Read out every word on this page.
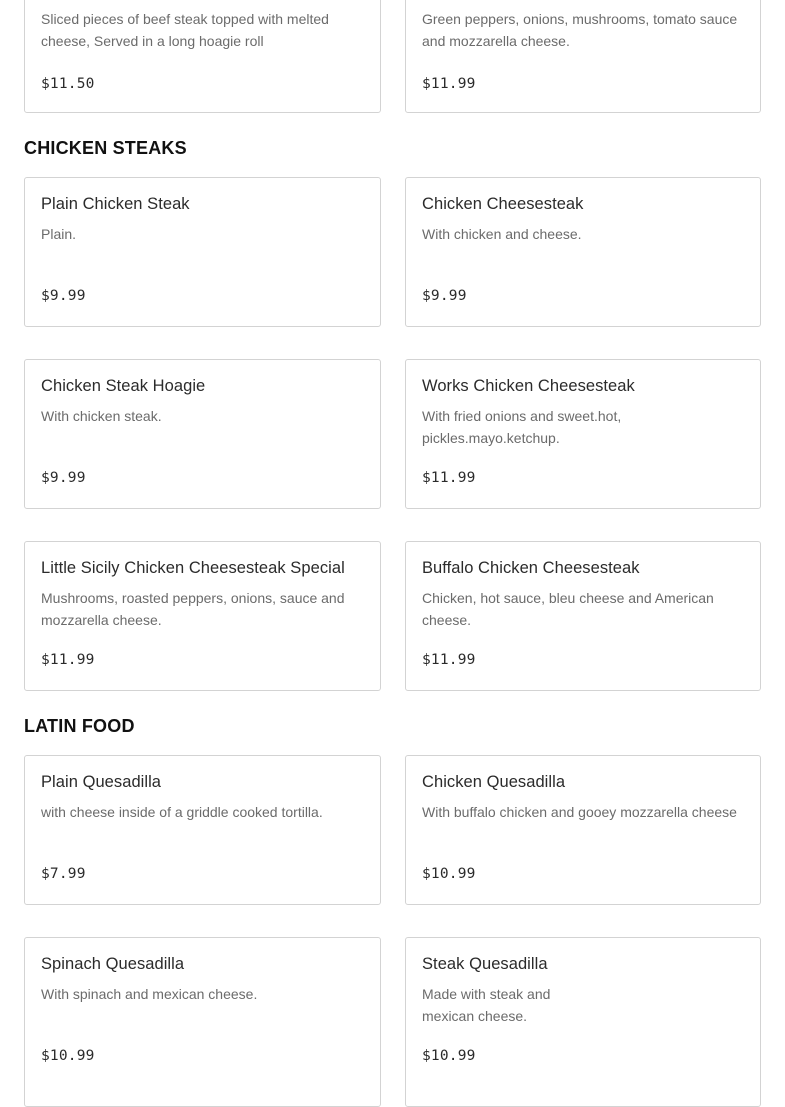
Sliced pieces of beef steak topped with melted cheese, Served in a long hoagie roll
$11.50
Green peppers, onions, mushrooms, tomato sauce and mozzarella cheese.
$11.99
CHICKEN STEAKS
Plain Chicken Steak
Plain.
$9.99
Chicken Cheesesteak
With chicken and cheese.
$9.99
Chicken Steak Hoagie
With chicken steak.
$9.99
Works Chicken Cheesesteak
With fried onions and sweet.hot, pickles.mayo.ketchup.
$11.99
Little Sicily Chicken Cheesesteak Special
Mushrooms, roasted peppers, onions, sauce and mozzarella cheese.
$11.99
Buffalo Chicken Cheesesteak
Chicken, hot sauce, bleu cheese and American cheese.
$11.99
LATIN FOOD
Plain Quesadilla
with cheese inside of a griddle cooked tortilla.
$7.99
Chicken Quesadilla
With buffalo chicken and gooey mozzarella cheese
$10.99
Spinach Quesadilla
With spinach and mexican cheese.
$10.99
Steak Quesadilla
Made with steak and mexican cheese.
$10.99
